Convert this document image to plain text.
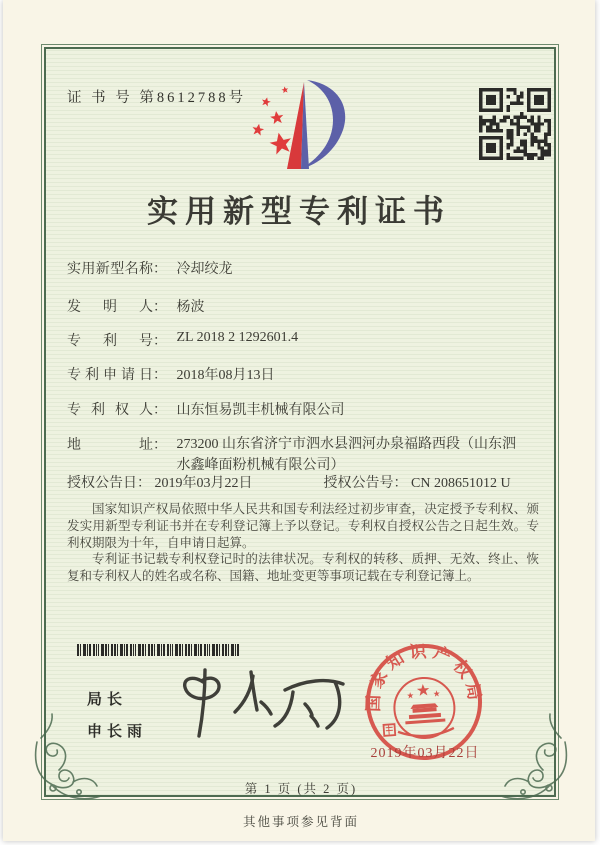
证 书 号 第8612788号
实用新型专利证书
实用新型名称： 冷却绞龙
发明人： 杨波
专利号： ZL 2018 2 1292601.4
专利申请日： 2018年08月13日
专利权人： 山东恒易凯丰机械有限公司
地址： 273200 山东省济宁市泗水县泗河办泉福路西段（山东泗水鑫峰面粉机械有限公司）
授权公告日： 2019年03月22日	授权公告号： CN 208651012 U

国家知识产权局依照中华人民共和国专利法经过初步审查，决定授予专利权、颁发实用新型专利证书并在专利登记簿上予以登记。专利权自授权公告之日起生效。专利权期限为十年，自申请日起算。

专利证书记载专利权登记时的法律状况。专利权的转移、质押、无效、终止、恢复和专利权人的姓名或名称、国籍、地址变更等事项记载在专利登记簿上。

局长
申长雨
国家知识产权局
2019年03月22日
第 1 页 (共 2 页)
其他事项参见背面
